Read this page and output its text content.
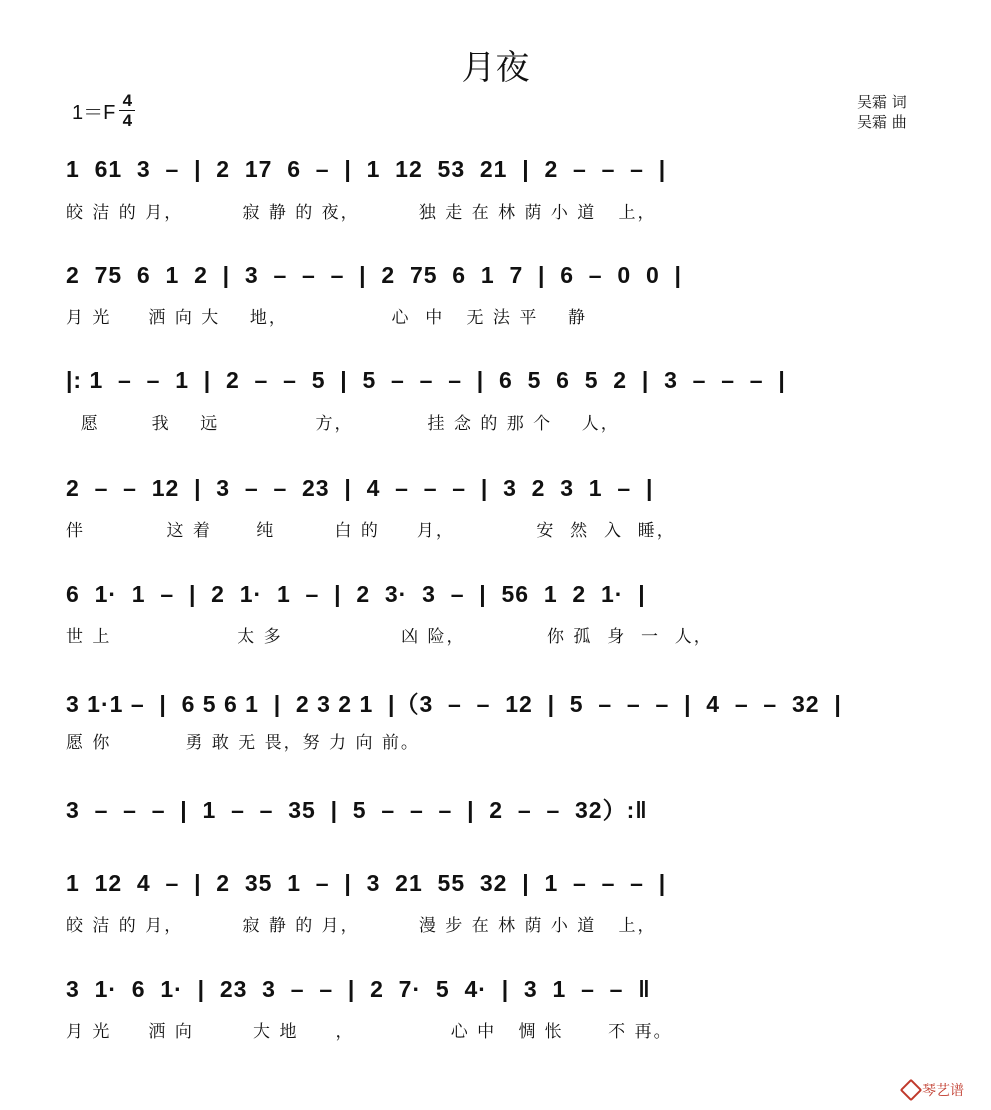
月夜
1＝F
4
4
吴霜 词
吴霜 曲
1  61  3  –  |  2  17  6  –  |  1  12  53  21  |  2  –  –  –  |
皎 洁 的 月，        寂 静 的 夜，        独 走 在 林 荫 小 道   上，
2  75  6  1  2  |  3  –  –  –  |  2  75  6  1  7  |  6  –  0  0  |
月 光     洒 向 大    地，              心  中   无 法 平    静
|: 1  –  –  1  |  2  –  –  5  |  5  –  –  –  |  6  5  6  5  2  |  3  –  –  –  |
愿       我    远             方，          挂 念 的 那 个    人，
2  –  –  12  |  3  –  –  23  |  4  –  –  –  |  3  2  3  1  –  |
伴           这 着      纯        白 的     月，           安  然  入  睡，
6  1·  1  –  |  2  1·  1  –  |  2  3·  3  –  |  56  1  2  1·  |
世 上                 太 多                凶 险，           你 孤  身  一  人，
3 1·1 –  |  6 5 6 1  |  2 3 2 1  |（3  –  –  12  |  5  –  –  –  |  4  –  –  32  |
愿 你          勇 敢 无 畏，努 力 向 前。
3  –  –  –  |  1  –  –  35  |  5  –  –  –  |  2  –  –  32）:‖
1  12  4  –  |  2  35  1  –  |  3  21  55  32  |  1  –  –  –  |
皎 洁 的 月，        寂 静 的 月，        漫 步 在 林 荫 小 道   上，
3  1·  6  1·  |  23  3  –  –  |  2  7·  5  4·  |  3  1  –  –  ‖
月 光     洒 向        大 地     ，             心 中   惆 怅      不 再。
琴艺谱
